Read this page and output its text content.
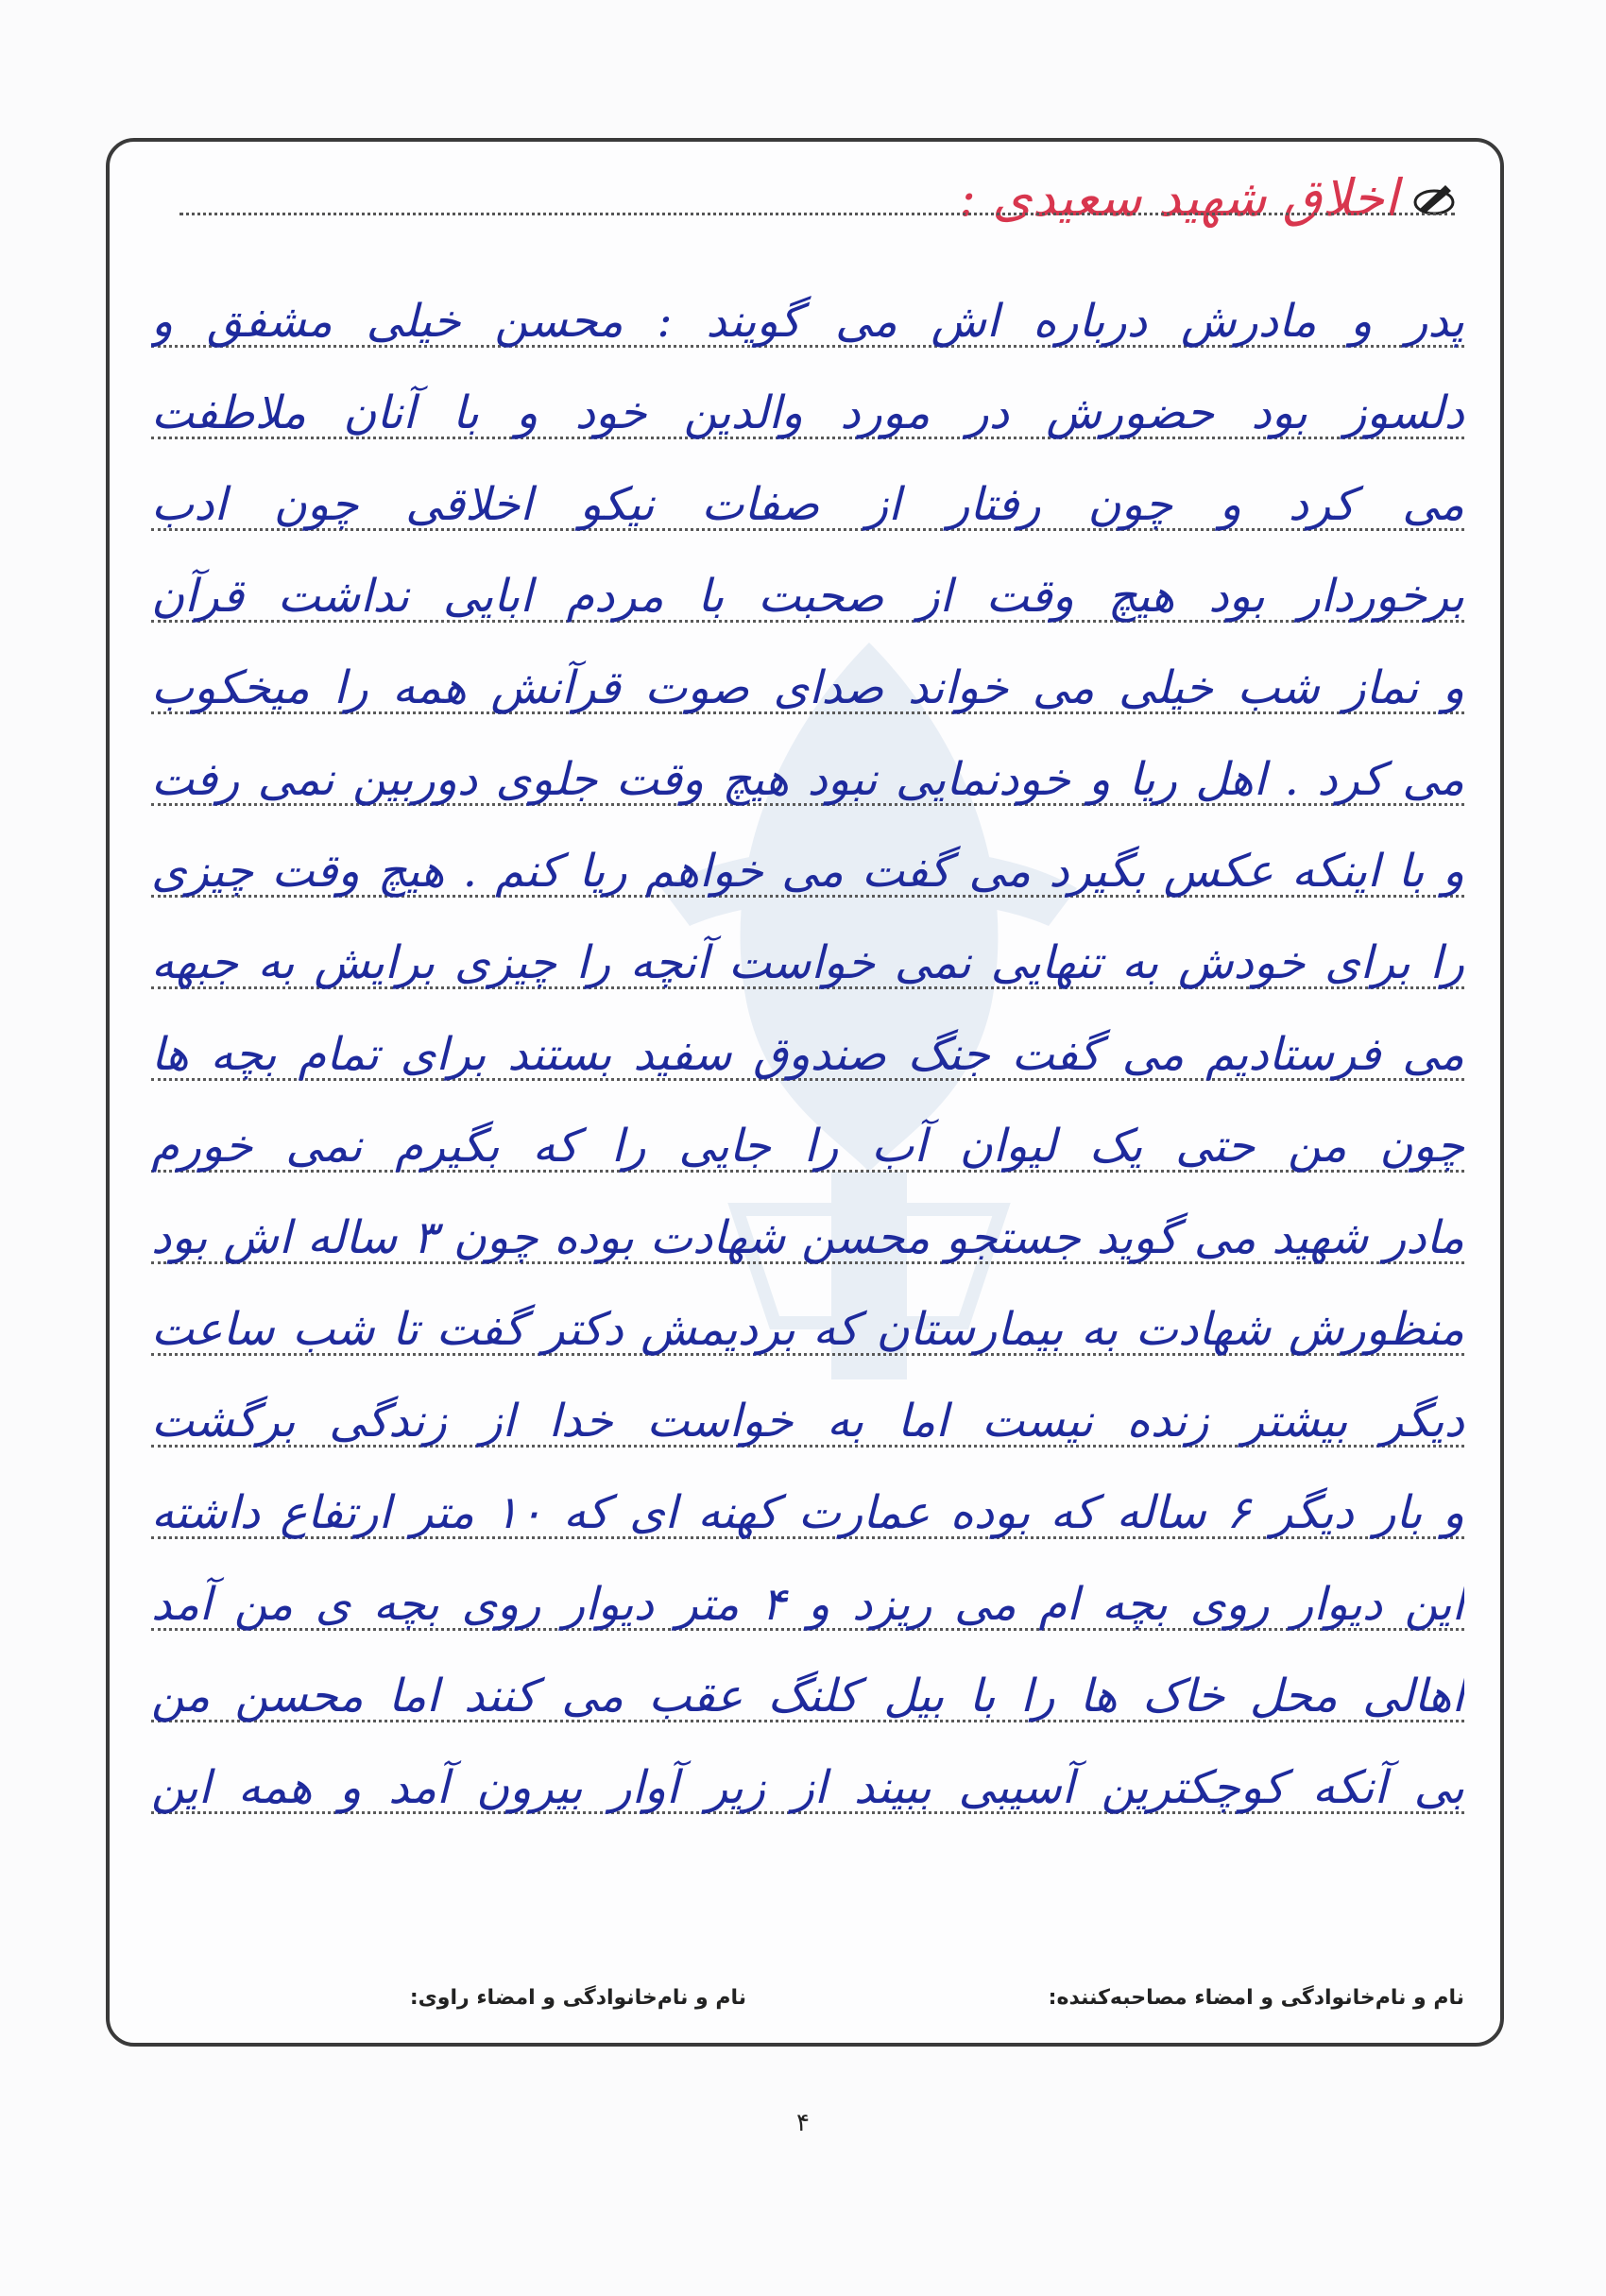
اخلاق شهید سعیدی :
پدر و مادرش درباره اش می گویند : محسن خیلی مشفق و
دلسوز بود حضورش در مورد والدین خود و با آنان ملاطفت
می کرد و چون رفتار از صفات نیکو اخلاقی چون ادب
برخوردار بود هیچ وقت از صحبت با مردم ابایی نداشت قرآن
و نماز شب خیلی می خواند صدای صوت قرآنش همه را میخکوب
می کرد . اهل ریا و خودنمایی نبود هیچ وقت جلوی دوربین نمی رفت
و با اینکه عکس بگیرد می گفت می خواهم ریا کنم . هیچ وقت چیزی
را برای خودش به تنهایی نمی خواست آنچه را چیزی برایش به جبهه
می فرستادیم می گفت جنگ صندوق سفید بستند برای تمام بچه ها
چون من حتی یک لیوان آب را جایی را که بگیرم نمی خورم
مادر شهید می گوید جستجو محسن شهادت بوده چون ۳ ساله اش بود
منظورش شهادت به بیمارستان که بردیمش دکتر گفت تا شب ساعت
دیگر بیشتر زنده نیست اما به خواست خدا از زندگی برگشت
و بار دیگر ۶ ساله که بوده عمارت کهنه ای که ۱۰ متر ارتفاع داشته
این دیوار روی بچه ام می ریزد و ۴ متر دیوار روی بچه ی من آمد
اهالی محل خاک ها را با بیل کلنگ عقب می کنند اما محسن من
بی آنکه کوچکترین آسیبی ببیند از زیر آوار بیرون آمد و همه این
نام و نام‌خانوادگی و امضاء مصاحبه‌کننده:
نام و نام‌خانوادگی و امضاء راوی:
۴
